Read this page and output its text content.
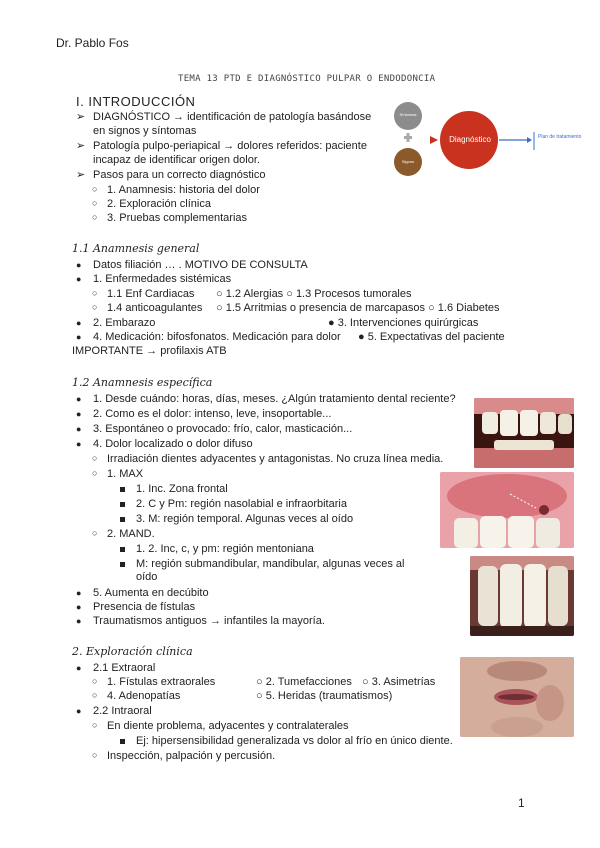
Dr. Pablo Fos
TEMA 13 PTD E DIAGNÓSTICO PULPAR O ENDODONCIA
Diagnóstico
Síntomas
Signos
Plan de tratamiento
I. INTRODUCCIÓN
➢ DIAGNÓSTICO → identificación de patología basándose
en signos y síntomas
➢ Patología pulpo-periapical → dolores referidos: paciente
incapaz de identificar origen dolor.
➢ Pasos para un correcto diagnóstico
○ 1. Anamnesis: historia del dolor
○ 2. Exploración clínica
○ 3. Pruebas complementarias
1.1 Anamnesis general
● Datos filiación … . MOTIVO DE CONSULTA
● 1. Enfermedades sistémicas
○ 1.1 Enf Cardiacas ○ 1.2 Alergias ○ 1.3 Procesos tumorales
○ 1.4 anticoagulantes ○ 1.5 Arritmias o presencia de marcapasos ○ 1.6 Diabetes
● 2. Embarazo	● 3. Intervenciones quirúrgicas
● 4. Medicación: bifosfonatos. Medicación para dolor ● 5. Expectativas del paciente
IMPORTANTE → profilaxis ATB
1.2 Anamnesis específica
● 1. Desde cuándo: horas, días, meses. ¿Algún tratamiento dental reciente?
● 2. Como es el dolor: intenso, leve, insoportable...
● 3. Espontáneo o provocado: frío, calor, masticación...
● 4. Dolor localizado o dolor difuso
○ Irradiación dientes adyacentes y antagonistas. No cruza línea media.
○ 1. MAX
1. Inc. Zona frontal
2. C y Pm: región nasolabial e infraorbitaria
3. M: región temporal. Algunas veces al oído
○ 2. MAND.
1. 2. Inc, c, y pm: región mentoniana
M: región submandibular, mandibular, algunas veces al
oído
● 5. Aumenta en decúbito
● Presencia de fístulas
● Traumatismos antiguos → infantiles la mayoría.
2. Exploración clínica
● 2.1 Extraoral
○ 1. Fístulas extraorales	○ 2. Tumefacciones ○ 3. Asimetrías
○ 4. Adenopatías	○ 5. Heridas (traumatismos)
● 2.2 Intraoral
○ En diente problema, adyacentes y contralaterales
Ej: hipersensibilidad generalizada vs dolor al frío en único diente.
○ Inspección, palpación y percusión.
1
